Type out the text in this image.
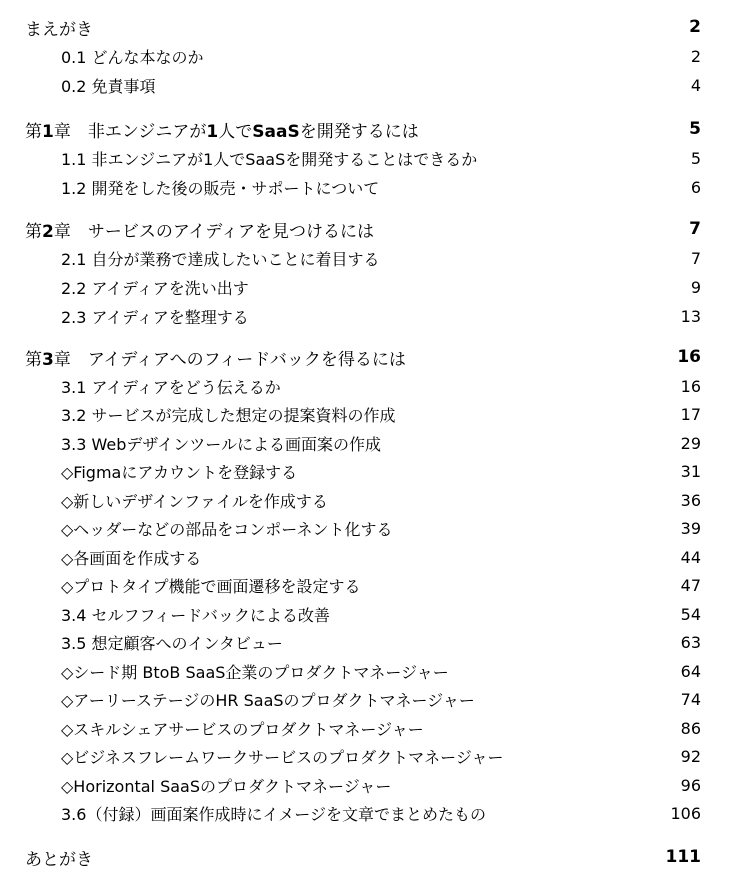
まえがき	2
0.1 どんな本なのか	2
0.2 免責事項	4
第1章　非エンジニアが1人でSaaSを開発するには	5
1.1 非エンジニアが1人でSaaSを開発することはできるか	5
1.2 開発をした後の販売・サポートについて	6
第2章　サービスのアイディアを見つけるには	7
2.1 自分が業務で達成したいことに着目する	7
2.2 アイディアを洗い出す	9
2.3 アイディアを整理する	13
第3章　アイディアへのフィードバックを得るには	16
3.1 アイディアをどう伝えるか	16
3.2 サービスが完成した想定の提案資料の作成	17
3.3 Webデザインツールによる画面案の作成	29
◇Figmaにアカウントを登録する	31
◇新しいデザインファイルを作成する	36
◇ヘッダーなどの部品をコンポーネント化する	39
◇各画面を作成する	44
◇プロトタイプ機能で画面遷移を設定する	47
3.4 セルフフィードバックによる改善	54
3.5 想定顧客へのインタビュー	63
◇シード期 BtoB SaaS企業のプロダクトマネージャー	64
◇アーリーステージのHR SaaSのプロダクトマネージャー	74
◇スキルシェアサービスのプロダクトマネージャー	86
◇ビジネスフレームワークサービスのプロダクトマネージャー	92
◇Horizontal SaaSのプロダクトマネージャー	96
3.6（付録）画面案作成時にイメージを文章でまとめたもの	106
あとがき	111
